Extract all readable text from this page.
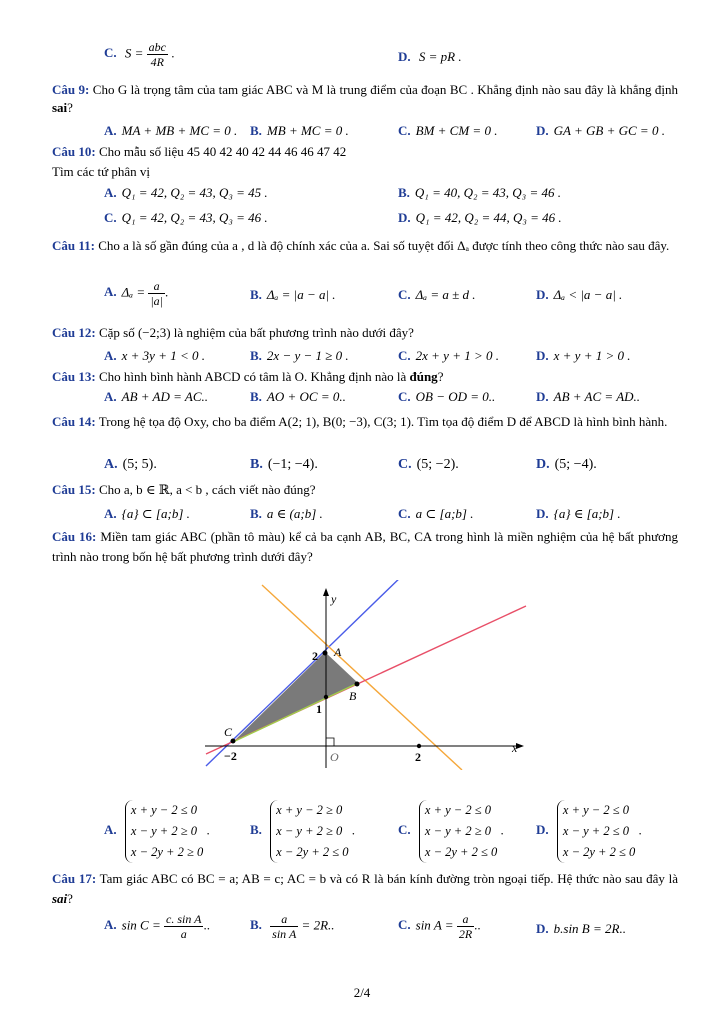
C. $S = \frac{\text{abc}}{4R}$ .	D. S = pR .
Câu 9: Cho G là trọng tâm của tam giác ABC và M là trung điểm của đoạn BC . Khẳng định nào sau đây là khẳng định sai?
A. MA + MB + MC = 0 . B. MB + MC = 0 .	C. BM + CM = 0 .	D. GA + GB + GC = 0 .
Câu 10: Cho mẫu số liệu 45 40 42 40 42 44 46 46 47 42
Tìm các tứ phân vị
A. Q₁ = 42, Q₂ = 43, Q₃ = 45 .	B. Q₁ = 40, Q₂ = 43, Q₃ = 46 .
C. Q₁ = 42, Q₂ = 43, Q₃ = 46 .	D. Q₁ = 42, Q₂ = 44, Q₃ = 46 .
Câu 11: Cho a là số gần đúng của a , d là độ chính xác của a. Sai số tuyệt đối Δₐ được tính theo công thức nào sau đây.
A. $\Delta_a = \frac{a}{|a|}$ .	B. Δₐ = |a − a| .	C. Δₐ = a ± d .	D. Δₐ < |a − a| .
Câu 12: Cặp số (−2;3) là nghiệm của bất phương trình nào dưới đây?
A. x + 3y + 1 < 0 .	B. 2x − y − 1 ≥ 0 .	C. 2x + y + 1 > 0 .	D. x + y + 1 > 0 .
Câu 13: Cho hình bình hành ABCD có tâm là O. Khẳng định nào là đúng?
A. AB + AD = AC..	B. AO + OC = 0..	C. OB − OD = 0..	D. AB + AC = AD..
Câu 14: Trong hệ tọa độ Oxy, cho ba điểm A(2; 1), B(0; −3), C(3; 1). Tìm tọa độ điểm D để ABCD là hình bình hành.
A. (5; 5).	B. (−1; −4).	C. (5; −2).	D. (5; −4).
Câu 15: Cho a, b ∈ ℝ, a < b , cách viết nào đúng?
A. {a} ⊂ [a;b] .	B. a ∈ (a;b] .	C. a ⊂ [a;b] .	D. {a} ∈ [a;b] .
Câu 16: Miền tam giác ABC (phần tô màu) kể cả ba cạnh AB, BC, CA trong hình là miền nghiệm của hệ bất phương trình nào trong bốn hệ bất phương trình dưới đây?
y
x
O
A
B
C
2
1
2
−2
A. x + y − 2 ≤ 0
x − y + 2 ≥ 0
x − 2y + 2 ≥ 0 .	B. x + y − 2 ≥ 0
x − y + 2 ≥ 0
x − 2y + 2 ≤ 0 .	C. x + y − 2 ≤ 0
x − y + 2 ≥ 0
x − 2y + 2 ≤ 0 . D. x + y − 2 ≤ 0
x − y + 2 ≤ 0
x − 2y + 2 ≤ 0 .
Câu 17: Tam giác ABC có BC = a; AB = c; AC = b và có R là bán kính đường tròn ngoại tiếp. Hệ thức nào sau đây là sai?
A. $\sin C = \frac{\text{c. sin A}}{a}$ ..	B. $\frac{a}{\text{sin A}} = 2R$..	C. $\sin A = \frac{a}{2R}$ ..	D. b.sin B = 2R..
2/4
